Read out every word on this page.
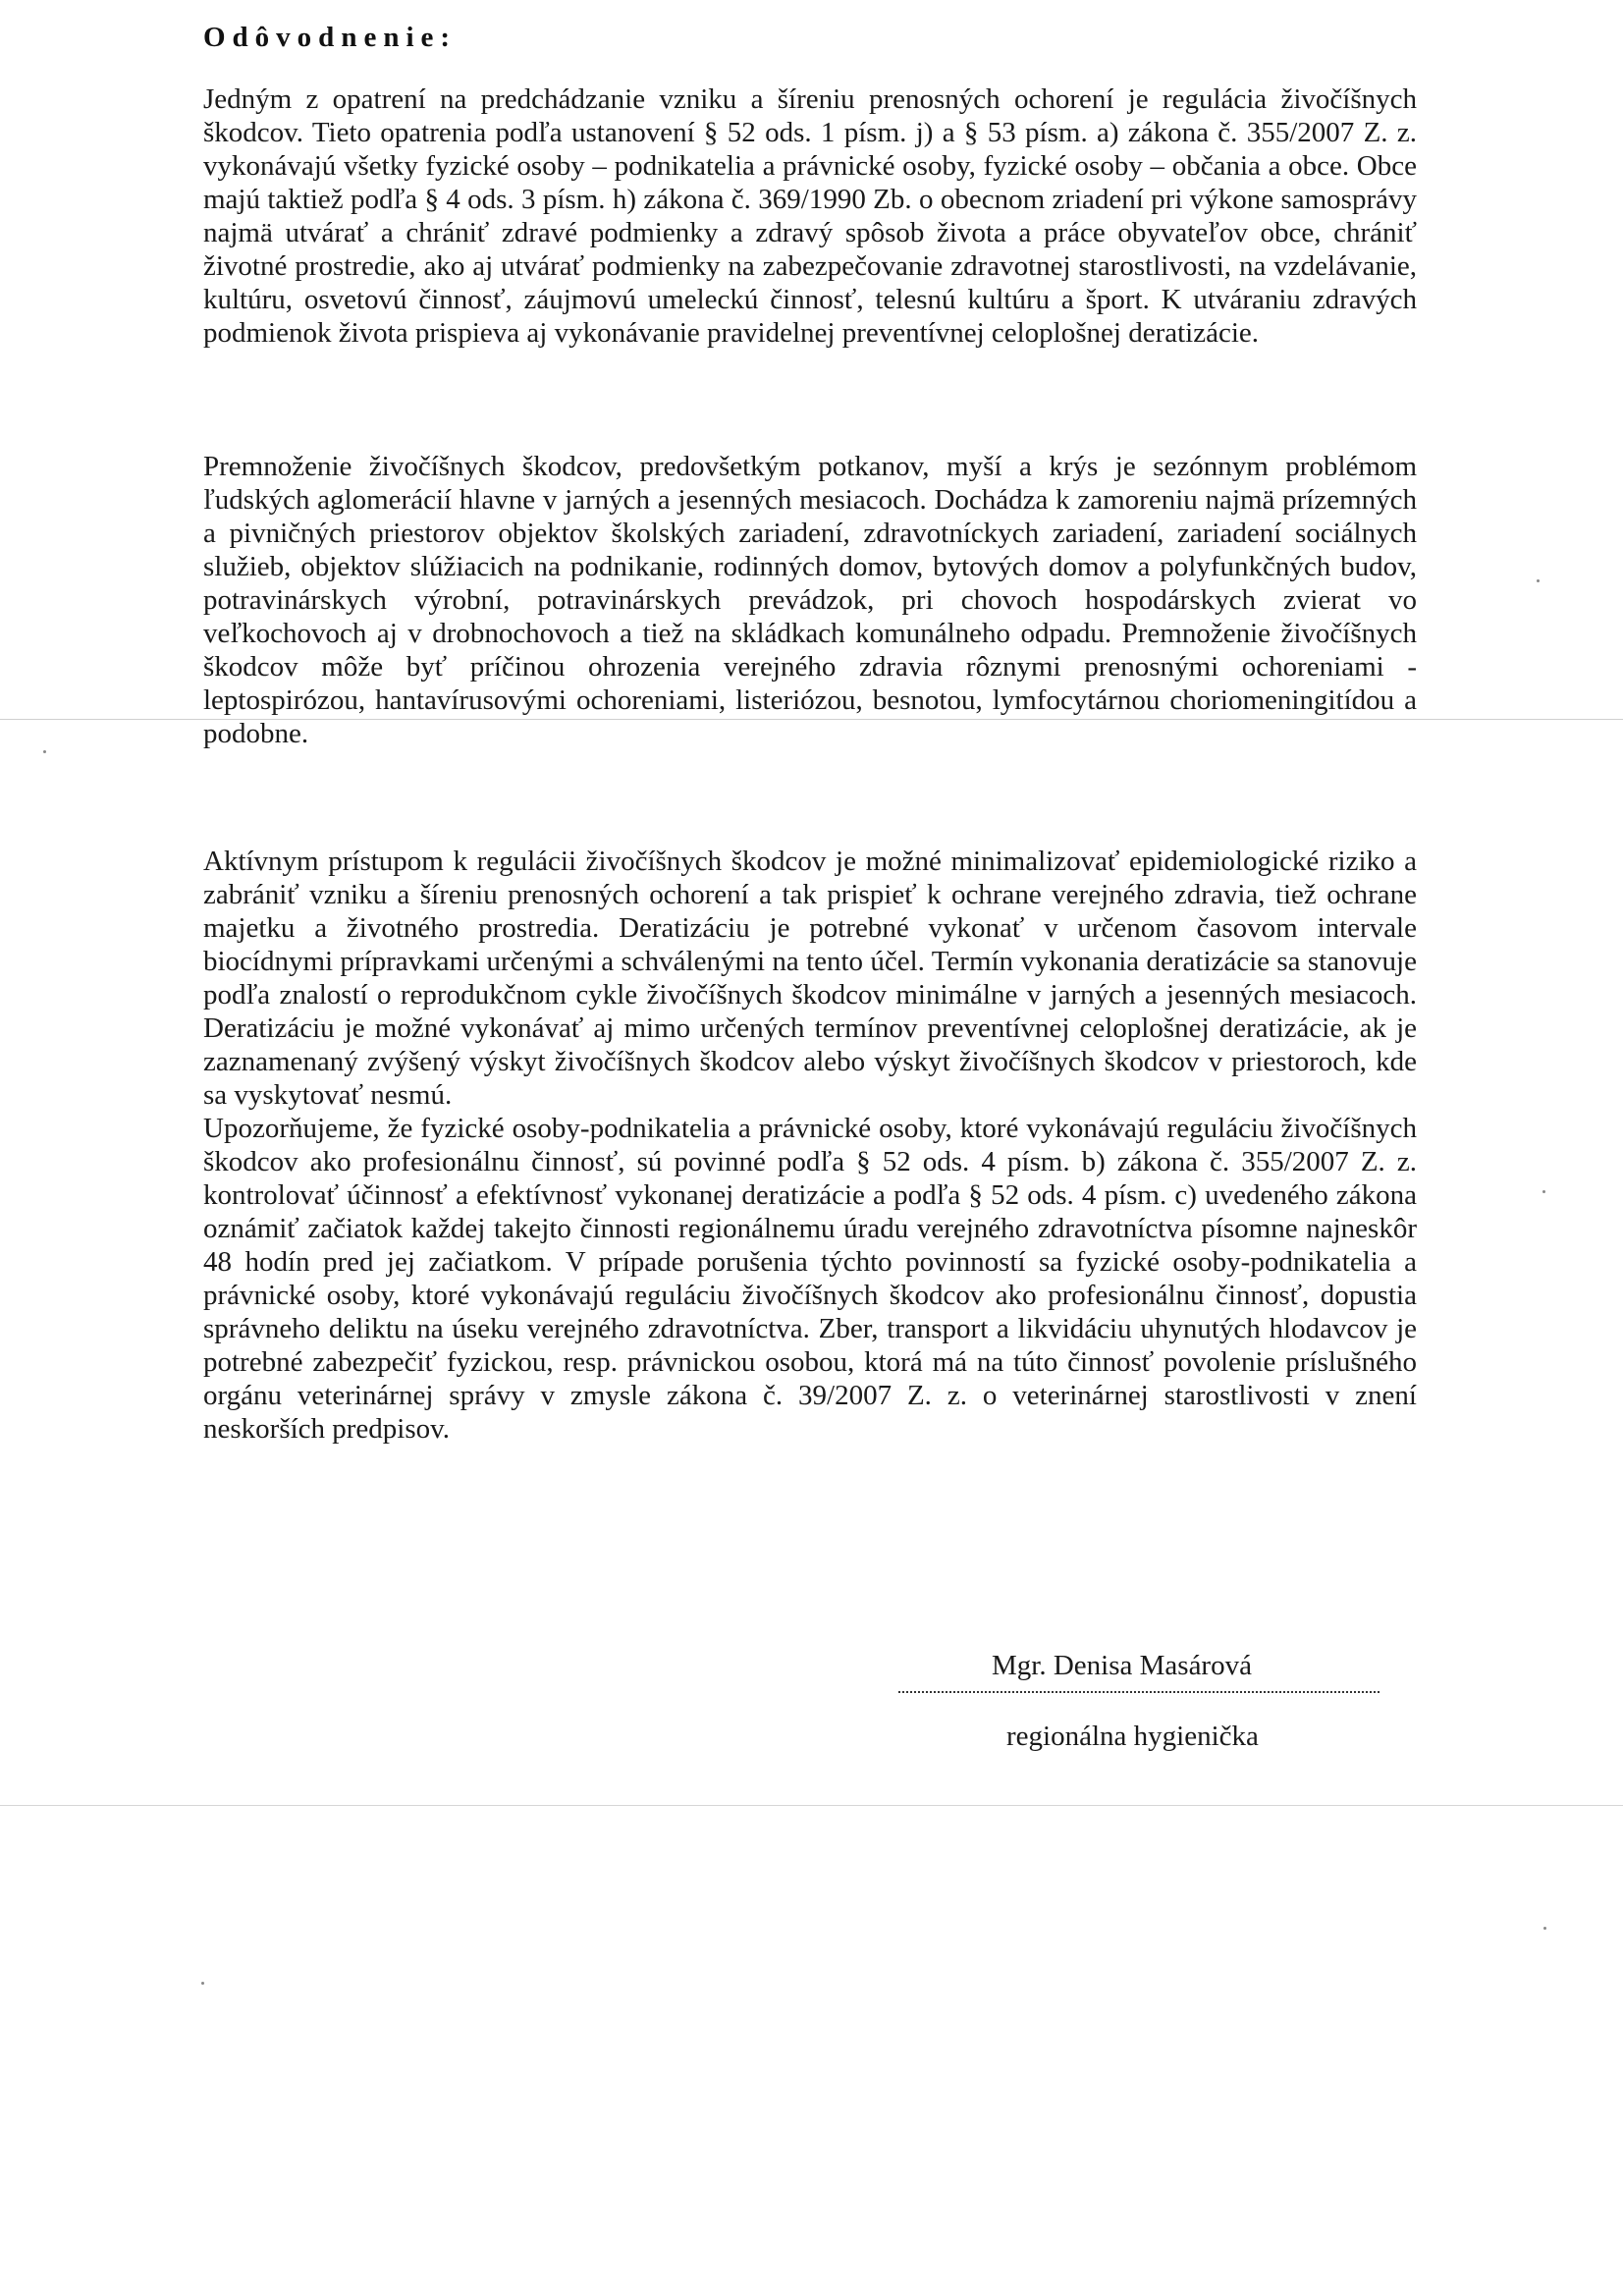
Odôvodnenie:

Jedným z opatrení na predchádzanie vzniku a šíreniu prenosných ochorení je regulácia živočíšnych škodcov. Tieto opatrenia podľa ustanovení § 52 ods. 1 písm. j) a § 53 písm. a) zákona č. 355/2007 Z. z. vykonávajú všetky fyzické osoby – podnikatelia a právnické osoby, fyzické osoby – občania a obce. Obce majú taktiež podľa § 4 ods. 3 písm. h) zákona č. 369/1990 Zb. o obecnom zriadení pri výkone samosprávy najmä utvárať a chrániť zdravé podmienky a zdravý spôsob života a práce obyvateľov obce, chrániť životné prostredie, ako aj utvárať podmienky na zabezpečovanie zdravotnej starostlivosti, na vzdelávanie, kultúru, osvetovú činnosť, záujmovú umeleckú činnosť, telesnú kultúru a šport. K utváraniu zdravých podmienok života prispieva aj vykonávanie pravidelnej preventívnej celoplošnej deratizácie.

Premnoženie živočíšnych škodcov, predovšetkým potkanov, myší a krýs je sezónnym problémom ľudských aglomerácií hlavne v jarných a jesenných mesiacoch. Dochádza k zamoreniu najmä prízemných a pivničných priestorov objektov školských zariadení, zdravotníckych zariadení, zariadení sociálnych služieb, objektov slúžiacich na podnikanie, rodinných domov, bytových domov a polyfunkčných budov, potravinárskych výrobní, potravinárskych prevádzok, pri chovoch hospodárskych zvierat vo veľkochovoch aj v drobnochovoch a tiež na skládkach komunálneho odpadu. Premnoženie živočíšnych škodcov môže byť príčinou ohrozenia verejného zdravia rôznymi prenosnými ochoreniami - leptospirózou, hantavírusovými ochoreniami, listeriózou, besnotou, lymfocytárnou choriomeningitídou a podobne.

Aktívnym prístupom k regulácii živočíšnych škodcov je možné minimalizovať epidemiologické riziko a zabrániť vzniku a šíreniu prenosných ochorení a tak prispieť k ochrane verejného zdravia, tiež ochrane majetku a životného prostredia. Deratizáciu je potrebné vykonať v určenom časovom intervale biocídnymi prípravkami určenými a schválenými na tento účel. Termín vykonania deratizácie sa stanovuje podľa znalostí o reprodukčnom cykle živočíšnych škodcov minimálne v jarných a jesenných mesiacoch. Deratizáciu je možné vykonávať aj mimo určených termínov preventívnej celoplošnej deratizácie, ak je zaznamenaný zvýšený výskyt živočíšnych škodcov alebo výskyt živočíšnych škodcov v priestoroch, kde sa vyskytovať nesmú.

Upozorňujeme, že fyzické osoby-podnikatelia a právnické osoby, ktoré vykonávajú reguláciu živočíšnych škodcov ako profesionálnu činnosť, sú povinné podľa § 52 ods. 4 písm. b) zákona č. 355/2007 Z. z. kontrolovať účinnosť a efektívnosť vykonanej deratizácie a podľa § 52 ods. 4 písm. c) uvedeného zákona oznámiť začiatok každej takejto činnosti regionálnemu úradu verejného zdravotníctva písomne najneskôr 48 hodín pred jej začiatkom. V prípade porušenia týchto povinností sa fyzické osoby-podnikatelia a právnické osoby, ktoré vykonávajú reguláciu živočíšnych škodcov ako profesionálnu činnosť, dopustia správneho deliktu na úseku verejného zdravotníctva. Zber, transport a likvidáciu uhynutých hlodavcov je potrebné zabezpečiť fyzickou, resp. právnickou osobou, ktorá má na túto činnosť povolenie príslušného orgánu veterinárnej správy v zmysle zákona č. 39/2007 Z. z. o veterinárnej starostlivosti v znení neskorších predpisov.

Mgr. Denisa Masárová
regionálna hygienička
